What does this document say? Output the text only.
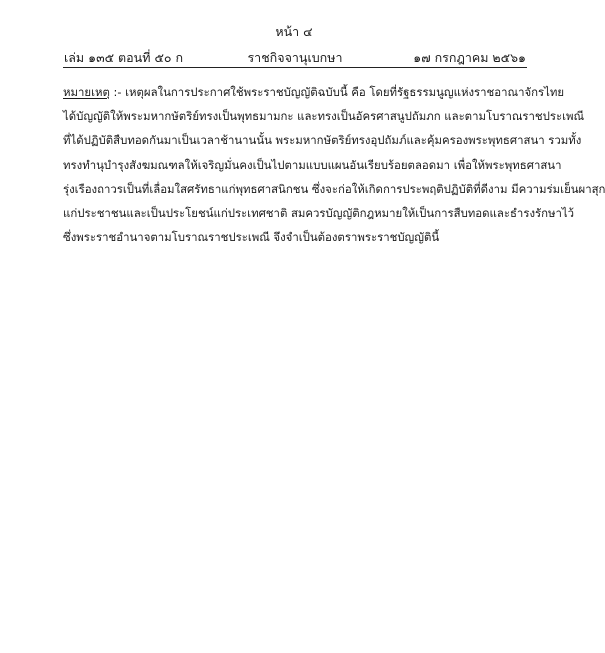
หน้า ๔
เล่ม ๑๓๕ ตอนที่ ๕๐ ก	ราชกิจจานุเบกษา	๑๗ กรกฎาคม ๒๕๖๑
หมายเหตุ :- เหตุผลในการประกาศใช้พระราชบัญญัติฉบับนี้ คือ โดยที่รัฐธรรมนูญแห่งราชอาณาจักรไทย
ได้บัญญัติให้พระมหากษัตริย์ทรงเป็นพุทธมามกะ และทรงเป็นอัครศาสนูปถัมภก และตามโบราณราชประเพณี
ที่ได้ปฏิบัติสืบทอดกันมาเป็นเวลาช้านานนั้น พระมหากษัตริย์ทรงอุปถัมภ์และคุ้มครองพระพุทธศาสนา รวมทั้ง
ทรงทำนุบำรุงสังฆมณฑลให้เจริญมั่นคงเป็นไปตามแบบแผนอันเรียบร้อยตลอดมา เพื่อให้พระพุทธศาสนา
รุ่งเรืองถาวรเป็นที่เลื่อมใสศรัทธาแก่พุทธศาสนิกชน ซึ่งจะก่อให้เกิดการประพฤติปฏิบัติที่ดีงาม มีความร่มเย็นผาสุก
แก่ประชาชนและเป็นประโยชน์แก่ประเทศชาติ สมควรบัญญัติกฎหมายให้เป็นการสืบทอดและธำรงรักษาไว้
ซึ่งพระราชอำนาจตามโบราณราชประเพณี จึงจำเป็นต้องตราพระราชบัญญัตินี้
